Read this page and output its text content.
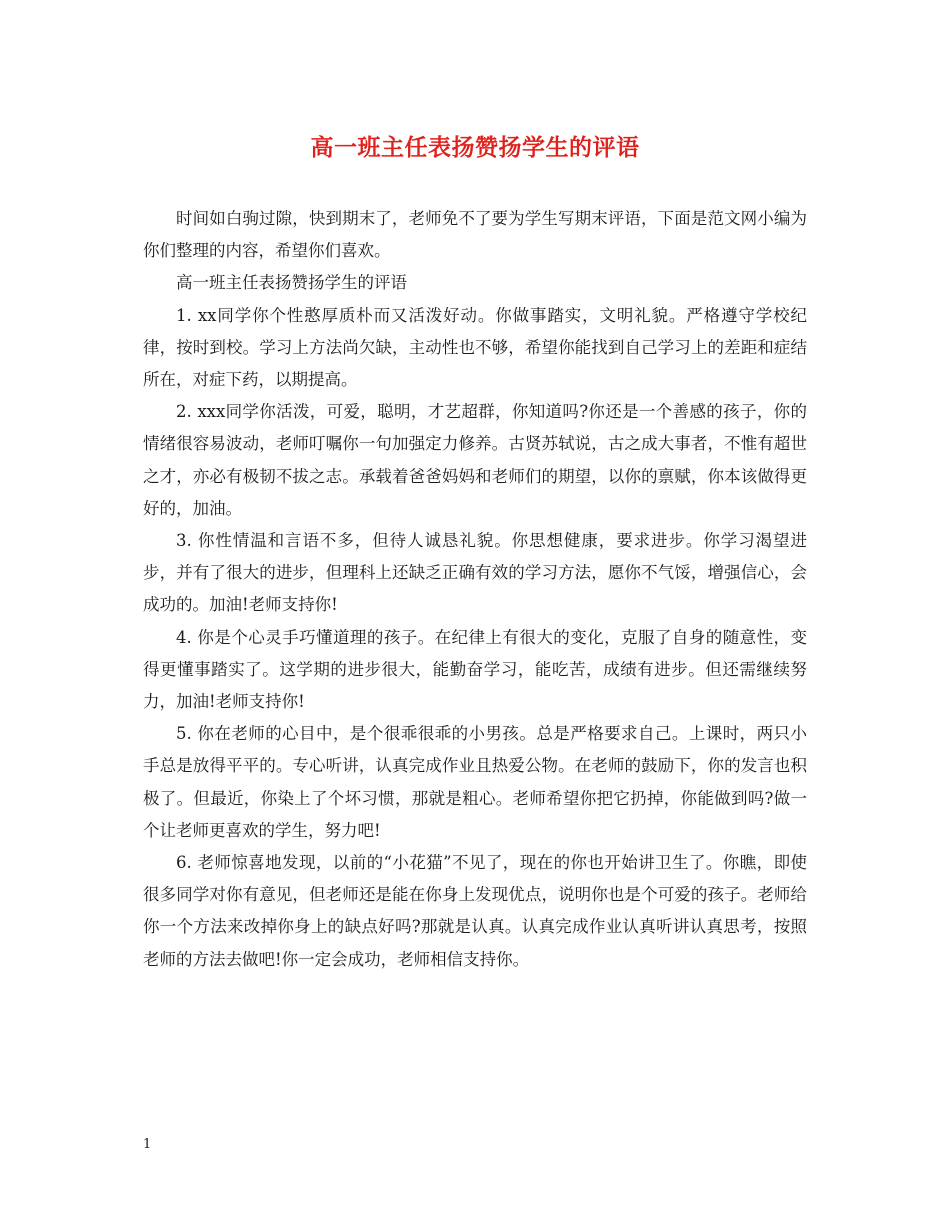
高一班主任表扬赞扬学生的评语

时间如白驹过隙，快到期末了，老师免不了要为学生写期末评语，下面是范文网小编为你们整理的内容，希望你们喜欢。

高一班主任表扬赞扬学生的评语

1. xx同学你个性憨厚质朴而又活泼好动。你做事踏实，文明礼貌。严格遵守学校纪律，按时到校。学习上方法尚欠缺，主动性也不够，希望你能找到自己学习上的差距和症结所在，对症下药，以期提高。

2. xxx同学你活泼，可爱，聪明，才艺超群，你知道吗?你还是一个善感的孩子，你的情绪很容易波动，老师叮嘱你一句加强定力修养。古贤苏轼说，古之成大事者，不惟有超世之才，亦必有极韧不拔之志。承载着爸爸妈妈和老师们的期望，以你的禀赋，你本该做得更好的，加油。

3. 你性情温和言语不多，但待人诚恳礼貌。你思想健康，要求进步。你学习渴望进步，并有了很大的进步，但理科上还缺乏正确有效的学习方法，愿你不气馁，增强信心，会成功的。加油!老师支持你!

4. 你是个心灵手巧懂道理的孩子。在纪律上有很大的变化，克服了自身的随意性，变得更懂事踏实了。这学期的进步很大，能勤奋学习，能吃苦，成绩有进步。但还需继续努力，加油!老师支持你!

5. 你在老师的心目中，是个很乖很乖的小男孩。总是严格要求自己。上课时，两只小手总是放得平平的。专心听讲，认真完成作业且热爱公物。在老师的鼓励下，你的发言也积极了。但最近，你染上了个坏习惯，那就是粗心。老师希望你把它扔掉，你能做到吗?做一个让老师更喜欢的学生，努力吧!

6. 老师惊喜地发现，以前的“小花猫”不见了，现在的你也开始讲卫生了。你瞧，即使很多同学对你有意见，但老师还是能在你身上发现优点，说明你也是个可爱的孩子。老师给你一个方法来改掉你身上的缺点好吗?那就是认真。认真完成作业认真听讲认真思考，按照老师的方法去做吧!你一定会成功，老师相信支持你。

1
